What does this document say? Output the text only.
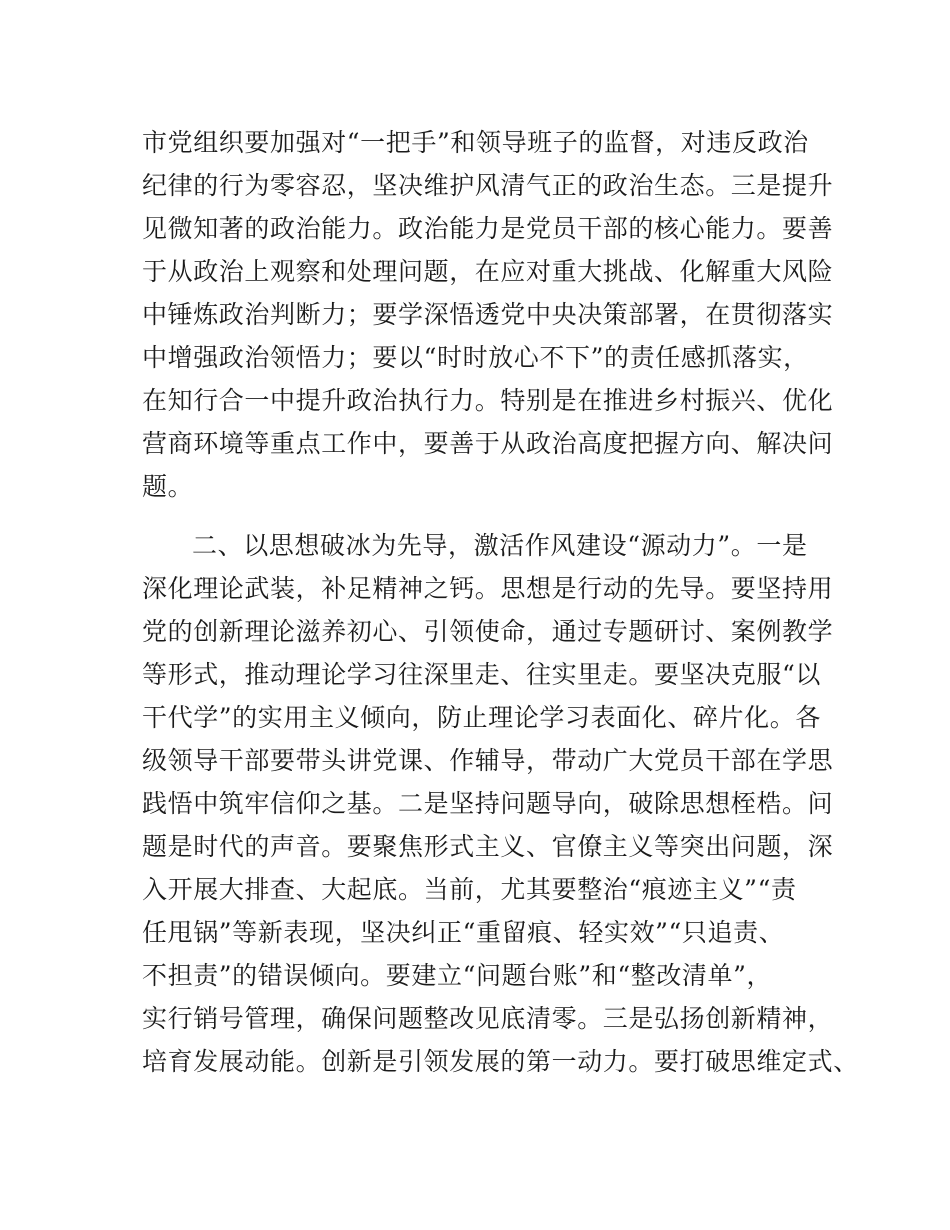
市党组织要加强对“一把手”和领导班子的监督，对违反政治
纪律的行为零容忍，坚决维护风清气正的政治生态。三是提升
见微知著的政治能力。政治能力是党员干部的核心能力。要善
于从政治上观察和处理问题，在应对重大挑战、化解重大风险
中锤炼政治判断力；要学深悟透党中央决策部署，在贯彻落实
中增强政治领悟力；要以“时时放心不下”的责任感抓落实，
在知行合一中提升政治执行力。特别是在推进乡村振兴、优化
营商环境等重点工作中，要善于从政治高度把握方向、解决问
题。
二、以思想破冰为先导，激活作风建设“源动力”。一是
深化理论武装，补足精神之钙。思想是行动的先导。要坚持用
党的创新理论滋养初心、引领使命，通过专题研讨、案例教学
等形式，推动理论学习往深里走、往实里走。要坚决克服“以
干代学”的实用主义倾向，防止理论学习表面化、碎片化。各
级领导干部要带头讲党课、作辅导，带动广大党员干部在学思
践悟中筑牢信仰之基。二是坚持问题导向，破除思想桎梏。问
题是时代的声音。要聚焦形式主义、官僚主义等突出问题，深
入开展大排查、大起底。当前，尤其要整治“痕迹主义”“责
任甩锅”等新表现，坚决纠正“重留痕、轻实效”“只追责、
不担责”的错误倾向。要建立“问题台账”和“整改清单”，
实行销号管理，确保问题整改见底清零。三是弘扬创新精神，
培育发展动能。创新是引领发展的第一动力。要打破思维定式、
